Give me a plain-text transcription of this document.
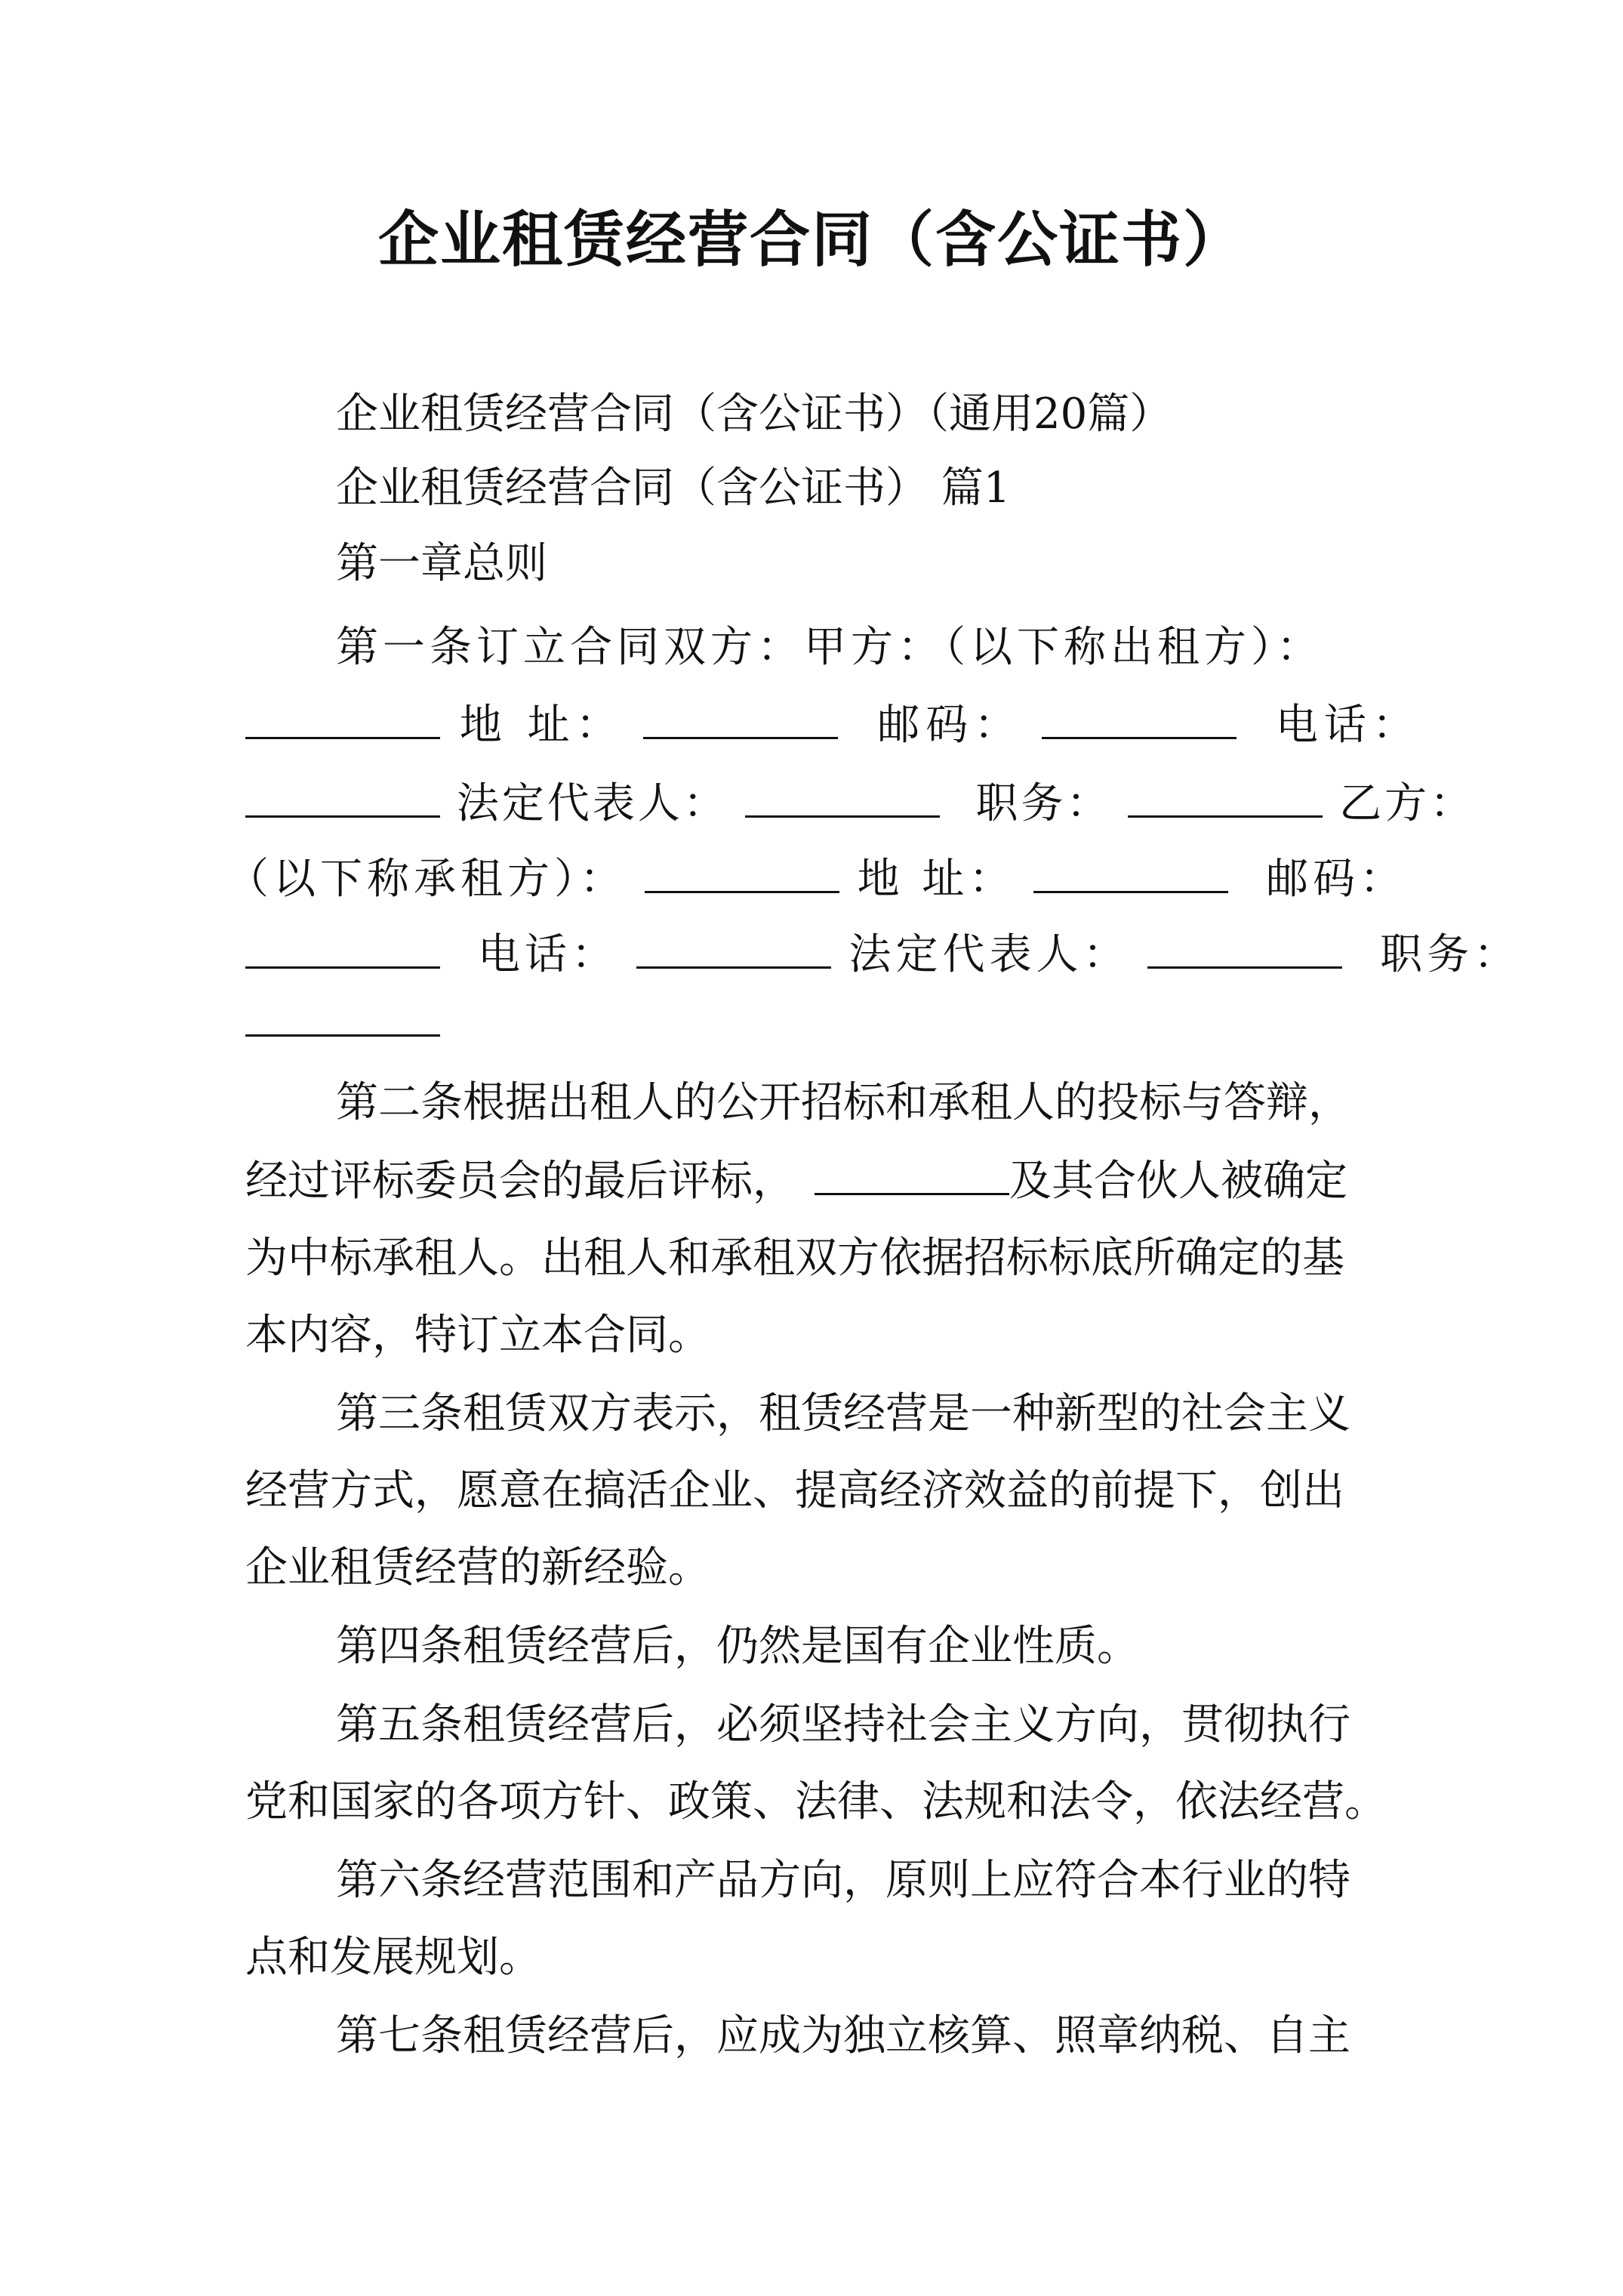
企业租赁经营合同（含公证书）
企业租赁经营合同（含公证书）（通用20篇）
企业租赁经营合同（含公证书） 篇1
第一章总则
第一条订立合同双方：甲方：（以下称出租方）：
地 址：	邮码：	电话：
法定代表人：	职务：	乙方：
（以下称承租方）：	地 址：	邮码：
电话：	法定代表人：	职务：
第二条根据出租人的公开招标和承租人的投标与答辩，
经过评标委员会的最后评标，	及其合伙人被确定
为中标承租人。出租人和承租双方依据招标标底所确定的基
本内容，特订立本合同。
第三条租赁双方表示，租赁经营是一种新型的社会主义
经营方式，愿意在搞活企业、提高经济效益的前提下，创出
企业租赁经营的新经验。
第四条租赁经营后，仍然是国有企业性质。
第五条租赁经营后，必须坚持社会主义方向，贯彻执行
党和国家的各项方针、政策、法律、法规和法令，依法经营。
第六条经营范围和产品方向，原则上应符合本行业的特
点和发展规划。
第七条租赁经营后，应成为独立核算、照章纳税、自主
